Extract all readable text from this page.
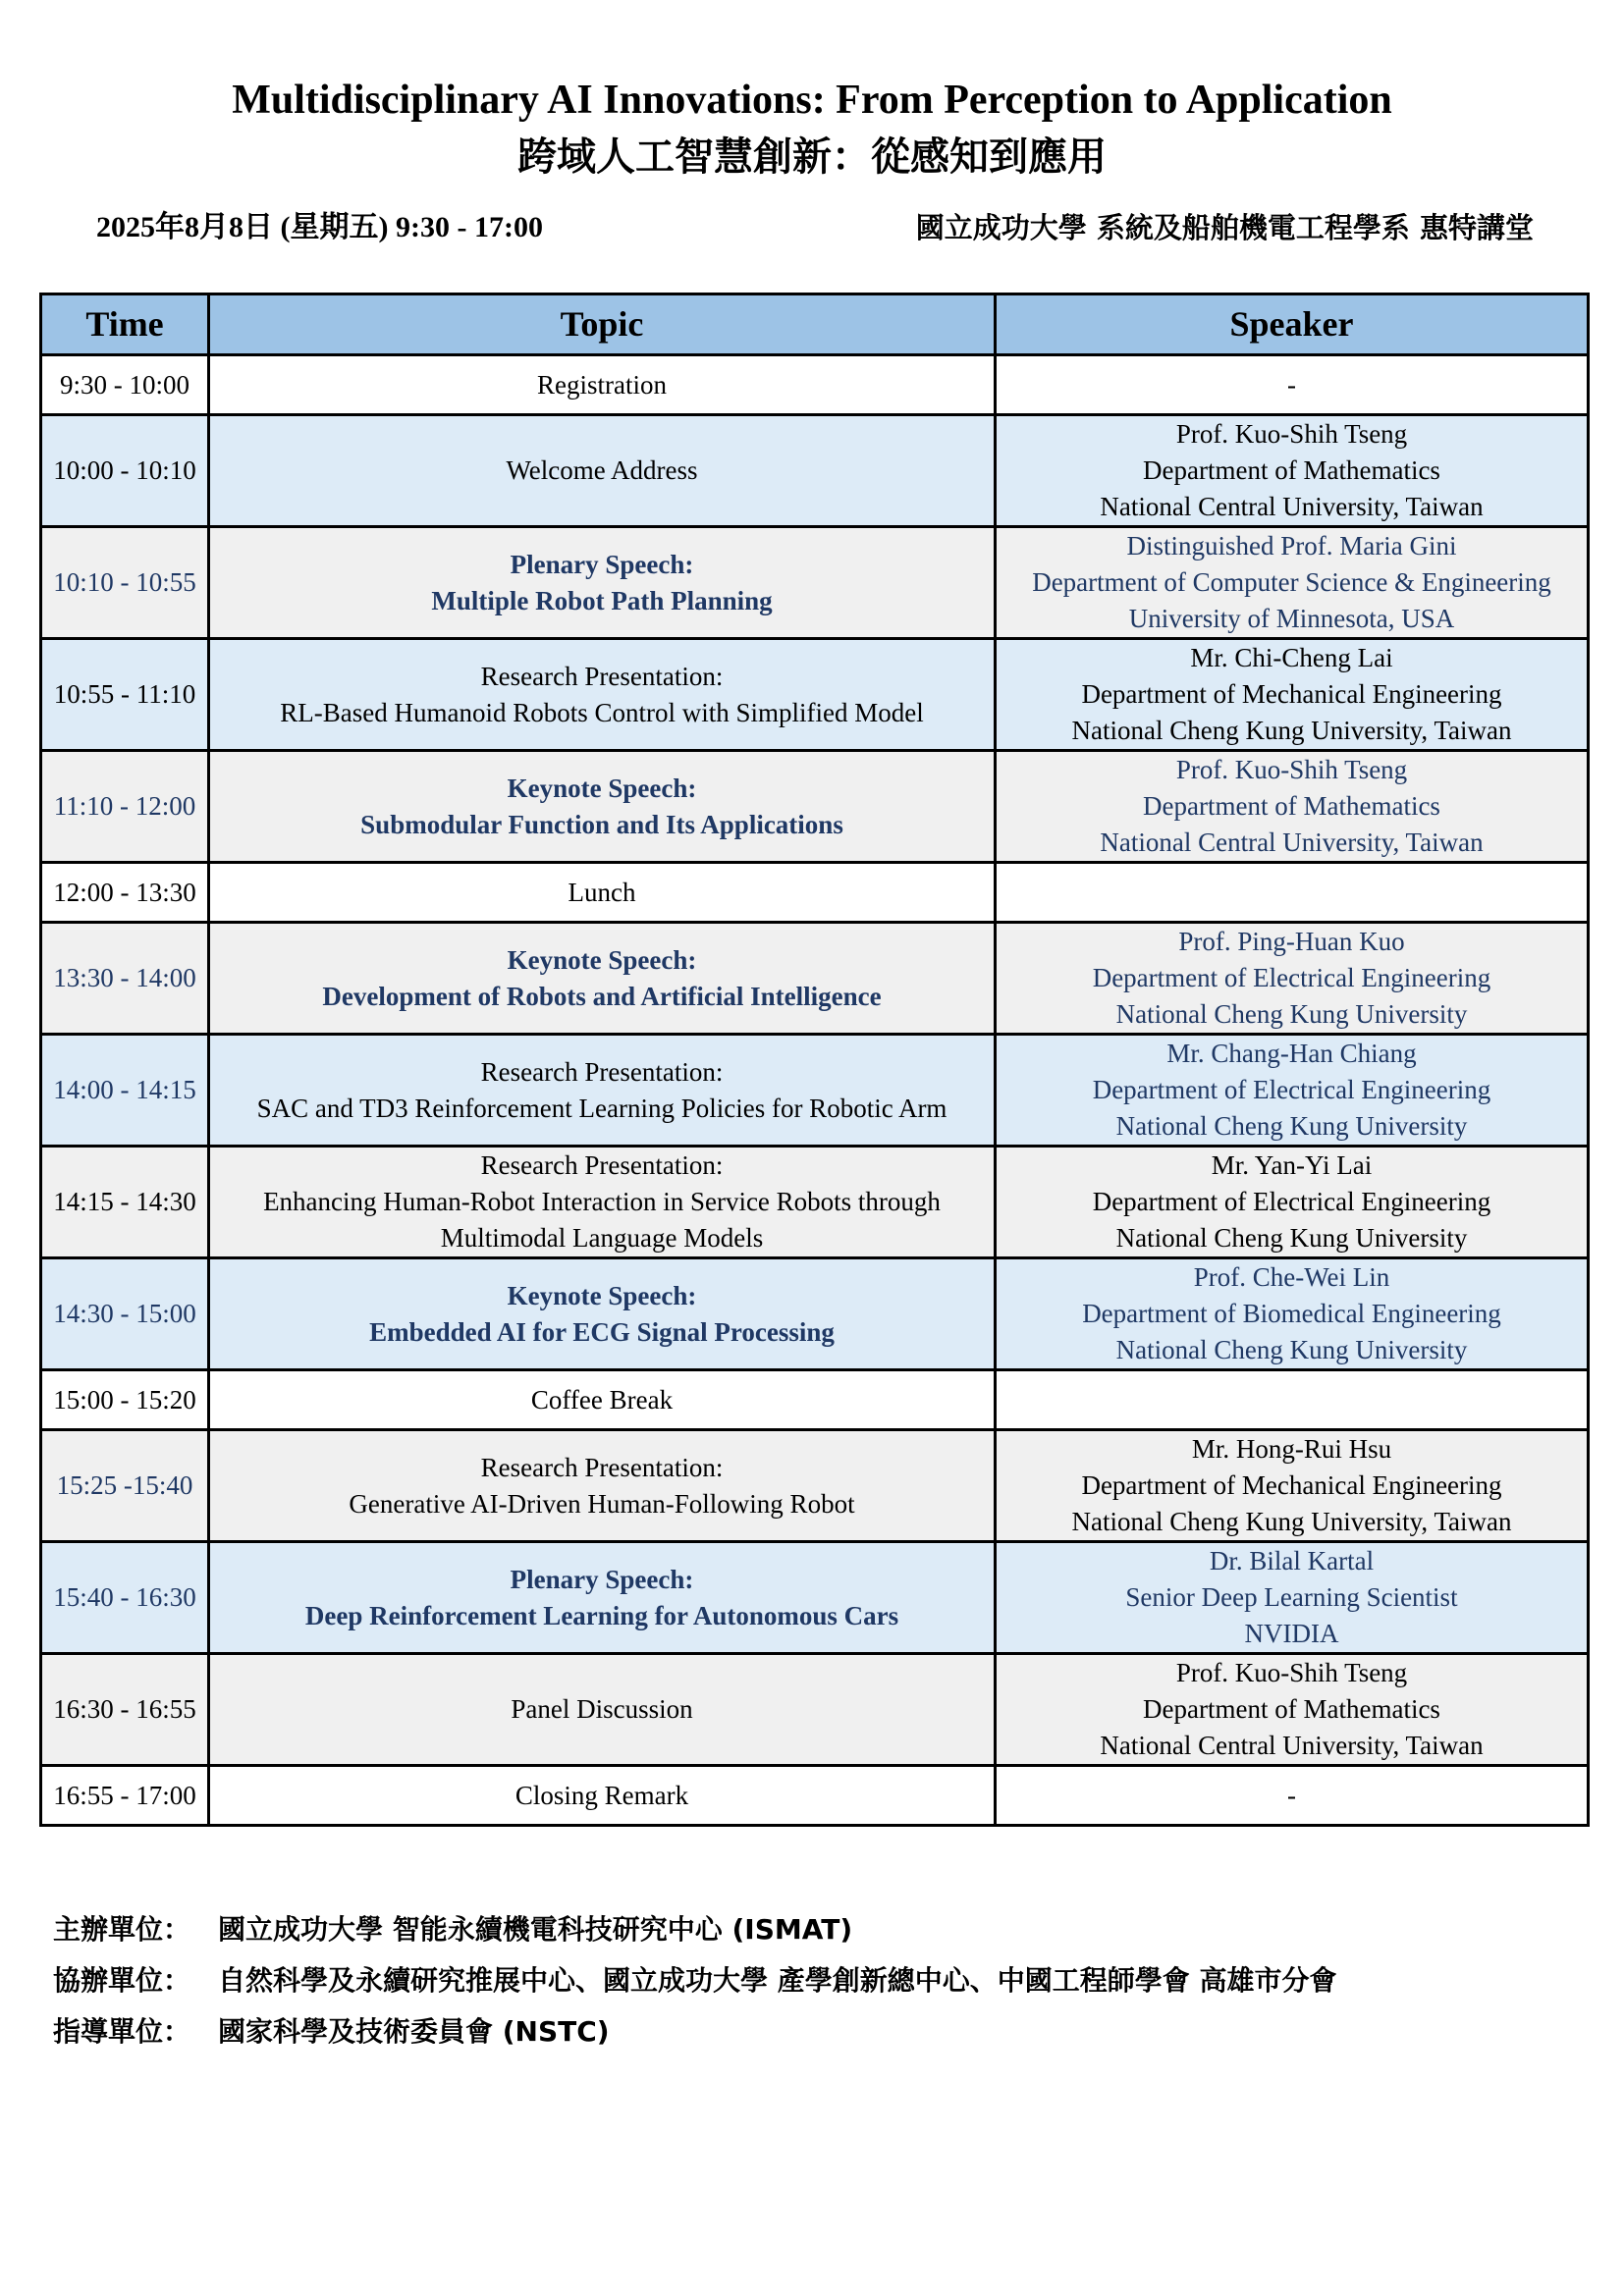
Multidisciplinary AI Innovations: From Perception to Application
跨域人工智慧創新：從感知到應用
2025年8月8日 (星期五) 9:30 - 17:00	國立成功大學 系統及船舶機電工程學系 惠特講堂
Time	Topic	Speaker
9:30 - 10:00	Registration	-

10:00 - 10:10	Welcome Address	Prof. Kuo-Shih Tseng
Department of Mathematics
National Central University, Taiwan

10:10 - 10:55	Plenary Speech:
Multiple Robot Path Planning	Distinguished Prof. Maria Gini
Department of Computer Science & Engineering
University of Minnesota, USA

10:55 - 11:10	Research Presentation:
RL-Based Humanoid Robots Control with Simplified Model	Mr. Chi-Cheng Lai
Department of Mechanical Engineering
National Cheng Kung University, Taiwan

11:10 - 12:00	Keynote Speech:
Submodular Function and Its Applications	Prof. Kuo-Shih Tseng
Department of Mathematics
National Central University, Taiwan

12:00 - 13:30	Lunch	

13:30 - 14:00	Keynote Speech:
Development of Robots and Artificial Intelligence	Prof. Ping-Huan Kuo
Department of Electrical Engineering
National Cheng Kung University

14:00 - 14:15	Research Presentation:
SAC and TD3 Reinforcement Learning Policies for Robotic Arm	Mr. Chang-Han Chiang
Department of Electrical Engineering
National Cheng Kung University

14:15 - 14:30	Research Presentation:
Enhancing Human-Robot Interaction in Service Robots through
Multimodal Language Models	Mr. Yan-Yi Lai
Department of Electrical Engineering
National Cheng Kung University

14:30 - 15:00	Keynote Speech:
Embedded AI for ECG Signal Processing	Prof. Che-Wei Lin
Department of Biomedical Engineering
National Cheng Kung University

15:00 - 15:20	Coffee Break	

15:25 -15:40	Research Presentation:
Generative AI-Driven Human-Following Robot	Mr. Hong-Rui Hsu
Department of Mechanical Engineering
National Cheng Kung University, Taiwan

15:40 - 16:30	Plenary Speech:
Deep Reinforcement Learning for Autonomous Cars	Dr. Bilal Kartal
Senior Deep Learning Scientist
NVIDIA

16:30 - 16:55	Panel Discussion	Prof. Kuo-Shih Tseng
Department of Mathematics
National Central University, Taiwan

16:55 - 17:00	Closing Remark	-
主辦單位： 國立成功大學 智能永續機電科技研究中心 (ISMAT)
協辦單位： 自然科學及永續研究推展中心、國立成功大學 產學創新總中心、中國工程師學會 高雄市分會
指導單位： 國家科學及技術委員會 (NSTC)
